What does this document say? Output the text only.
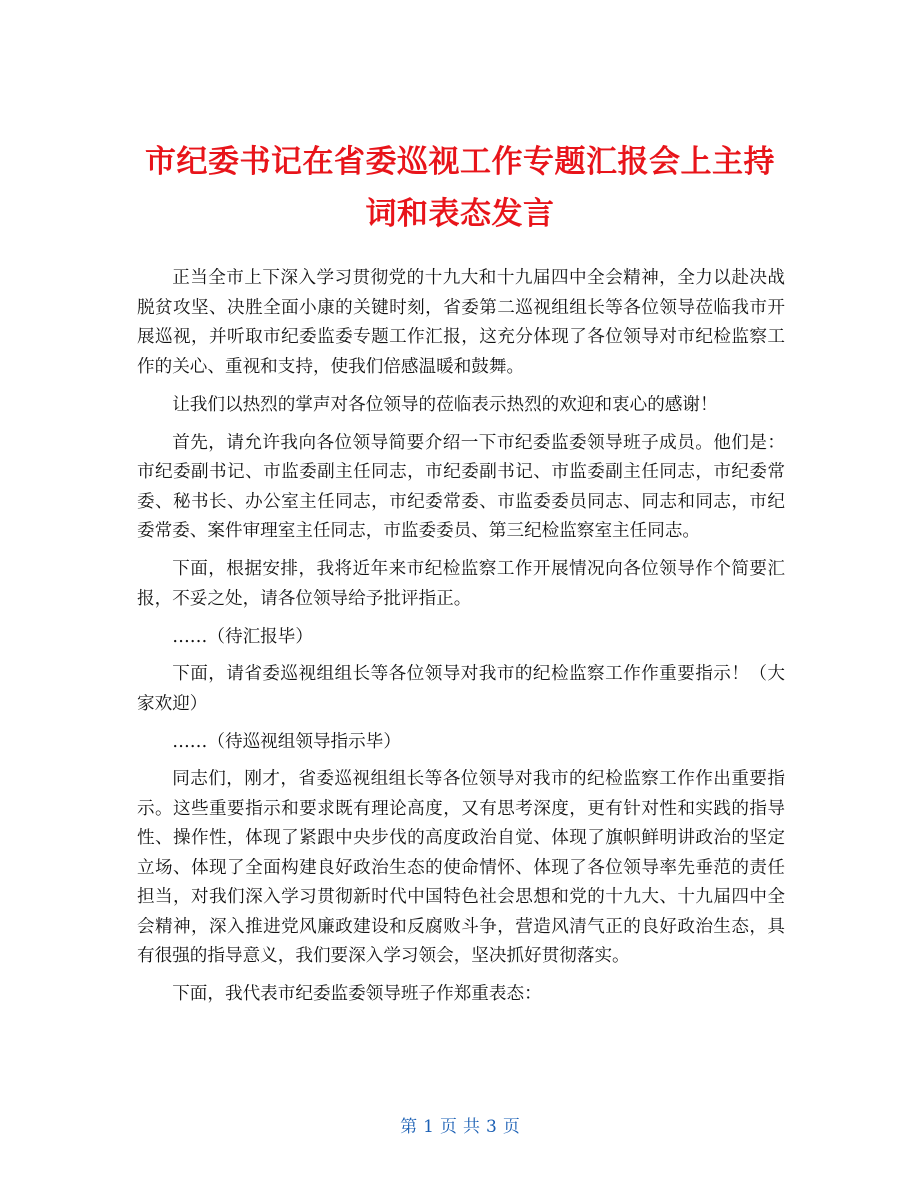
市纪委书记在省委巡视工作专题汇报会上主持
词和表态发言

正当全市上下深入学习贯彻党的十九大和十九届四中全会精神，全力以赴决战脱贫攻坚、决胜全面小康的关键时刻，省委第二巡视组组长等各位领导莅临我市开展巡视，并听取市纪委监委专题工作汇报，这充分体现了各位领导对市纪检监察工作的关心、重视和支持，使我们倍感温暖和鼓舞。

让我们以热烈的掌声对各位领导的莅临表示热烈的欢迎和衷心的感谢！

首先，请允许我向各位领导简要介绍一下市纪委监委领导班子成员。他们是：市纪委副书记、市监委副主任同志，市纪委副书记、市监委副主任同志，市纪委常委、秘书长、办公室主任同志，市纪委常委、市监委委员同志、同志和同志，市纪委常委、案件审理室主任同志，市监委委员、第三纪检监察室主任同志。

下面，根据安排，我将近年来市纪检监察工作开展情况向各位领导作个简要汇报，不妥之处，请各位领导给予批评指正。

……（待汇报毕）

下面，请省委巡视组组长等各位领导对我市的纪检监察工作作重要指示！（大家欢迎）

……（待巡视组领导指示毕）

同志们，刚才，省委巡视组组长等各位领导对我市的纪检监察工作作出重要指示。这些重要指示和要求既有理论高度，又有思考深度，更有针对性和实践的指导性、操作性，体现了紧跟中央步伐的高度政治自觉、体现了旗帜鲜明讲政治的坚定立场、体现了全面构建良好政治生态的使命情怀、体现了各位领导率先垂范的责任担当，对我们深入学习贯彻新时代中国特色社会思想和党的十九大、十九届四中全会精神，深入推进党风廉政建设和反腐败斗争，营造风清气正的良好政治生态，具有很强的指导意义，我们要深入学习领会，坚决抓好贯彻落实。

下面，我代表市纪委监委领导班子作郑重表态：

第 1 页 共 3 页
